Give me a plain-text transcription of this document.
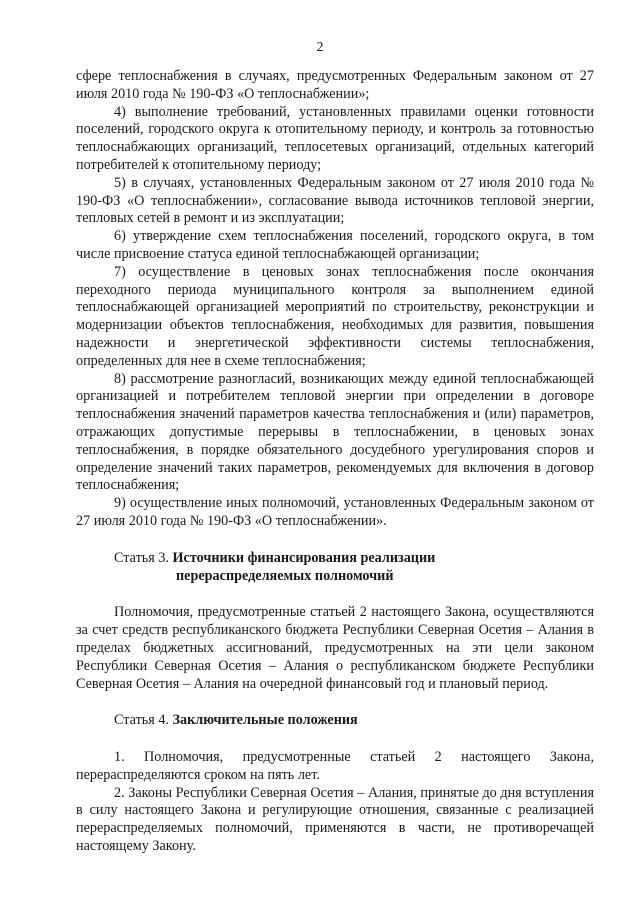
2

сфере теплоснабжения в случаях, предусмотренных Федеральным законом от 27 июля 2010 года № 190-ФЗ «О теплоснабжении»;

4) выполнение требований, установленных правилами оценки готовности поселений, городского округа к отопительному периоду, и контроль за готовностью теплоснабжающих организаций, теплосетевых организаций, отдельных категорий потребителей к отопительному периоду;

5) в случаях, установленных Федеральным законом от 27 июля 2010 года № 190-ФЗ «О теплоснабжении», согласование вывода источников тепловой энергии, тепловых сетей в ремонт и из эксплуатации;

6) утверждение схем теплоснабжения поселений, городского округа, в том числе присвоение статуса единой теплоснабжающей организации;

7) осуществление в ценовых зонах теплоснабжения после окончания переходного периода муниципального контроля за выполнением единой теплоснабжающей организацией мероприятий по строительству, реконструкции и модернизации объектов теплоснабжения, необходимых для развития, повышения надежности и энергетической эффективности системы теплоснабжения, определенных для нее в схеме теплоснабжения;

8) рассмотрение разногласий, возникающих между единой теплоснабжающей организацией и потребителем тепловой энергии при определении в договоре теплоснабжения значений параметров качества теплоснабжения и (или) параметров, отражающих допустимые перерывы в теплоснабжении, в ценовых зонах теплоснабжения, в порядке обязательного досудебного урегулирования споров и определение значений таких параметров, рекомендуемых для включения в договор теплоснабжения;

9) осуществление иных полномочий, установленных Федеральным законом от 27 июля 2010 года № 190-ФЗ «О теплоснабжении».

Статья 3. Источники финансирования реализации
перераспределяемых полномочий

Полномочия, предусмотренные статьей 2 настоящего Закона, осуществляются за счет средств республиканского бюджета Республики Северная Осетия – Алания в пределах бюджетных ассигнований, предусмотренных на эти цели законом Республики Северная Осетия – Алания о республиканском бюджете Республики Северная Осетия – Алания на очередной финансовый год и плановый период.

Статья 4. Заключительные положения

1. Полномочия, предусмотренные статьей 2 настоящего Закона, перераспределяются сроком на пять лет.

2. Законы Республики Северная Осетия – Алания, принятые до дня вступления в силу настоящего Закона и регулирующие отношения, связанные с реализацией перераспределяемых полномочий, применяются в части, не противоречащей настоящему Закону.
